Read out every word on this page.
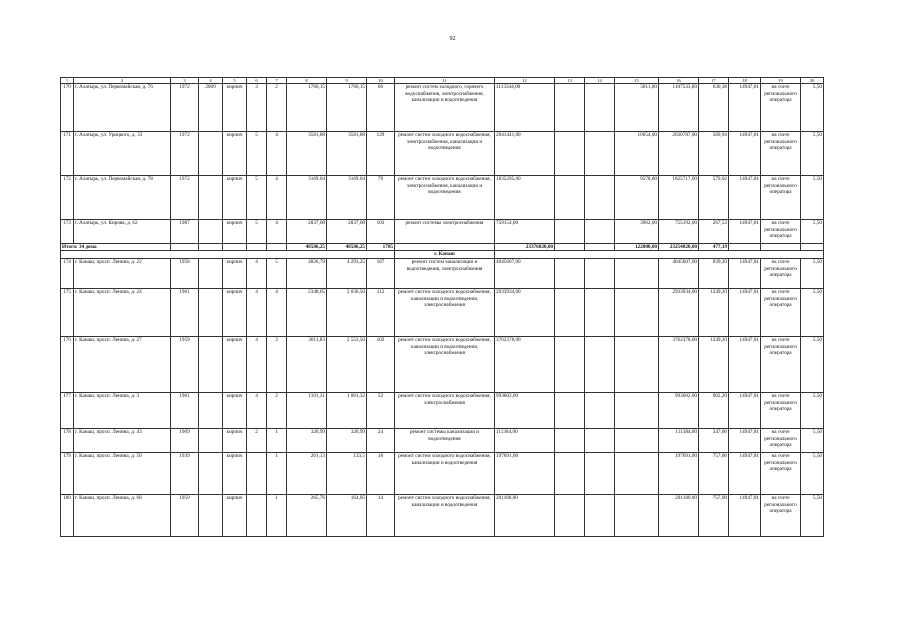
92
1	2	3	4	5	6	7	8	9	10	11	12	13	14	15	16	17	18	19	20
170	г. Алатырь, ул. Первомайская, д. 76	1972	2009	кирпич	3	2	1766,15	1766,15	60	ремонт систем холодного, горячего водоснабжения, электроснабжения, канализации и водоотведения	1113344,00			5811,00	1107533,00	630,38	14947,81	на счете регионального оператора	5,50
171	г. Алатырь, ул. Урицкого, д. 33	1972		кирпич	5	4	3581,88	3581,88	129	ремонт систем холодного водоснабжения, электроснабжения, канализации и водоотведения	2041441,00			10654,00	2030787,00	569,94	14947,81	на счете регионального оператора	5,50
172	г. Алатырь, ул. Первомайская, д. 78	1972		кирпич	5	4	3169,64	3169,64	79	ремонт систем холодного водоснабжения, электроснабжения, канализации и водоотведения	1835295,00			9578,00	1825717,00	579,02	14947,81	на счете регионального оператора	5,50
173	г. Алатырь, ул. Кирова, д. 62	1987		кирпич	5	4	2837,68	2837,68	103	ремонт системы электроснабжения	759154,00			3962,00	755192,00	267,53	14947,81	на счете регионального оператора	5,50
Итого: 34 дома							48586,25	48586,25	1785		23376020,00			122000,00	23254020,00	477,19			
										г. Канаш									
174	г. Канаш, просп. Ленина, д. 22	1958		кирпич	4	5	4826,79	4 293,25	167	ремонт систем канализации и водоотведения, электроснабжения	4045607,00				4045607,00	839,20	14947,81	на счете регионального оператора	5,50
175	г. Канаш, просп. Ленина, д. 24	1961		кирпич	4	4	2348,65	2 036,50	112	ремонт систем холодного водоснабжения, канализации и водоотведения, электроснабжения	2933934,00				2933934,00	1249,20	14947,81	на счете регионального оператора	5,50
176	г. Канаш, просп. Ленина, д. 27	1959		кирпич	4	3	3011,83	2 553,50	102	ремонт систем холодного водоснабжения, канализации и водоотведения, электроснабжения	3762378,00				3762378,00	1249,20	14947,81	на счете регионального оператора	5,50
177	г. Канаш, просп. Ленина, д. 3	1961		кирпич	4	2	1101,31	1 061,32	52	ремонт систем холодного водоснабжения, электроснабжения	993602,00				993602,00	902,20	14947,81	на счете регионального оператора	5,50
178	г. Канаш, просп. Ленина, д. 43	1969		кирпич	2	1	320,99	320,99	24	ремонт системы канализации и водоотведения	111384,00				111384,00	347,00	14947,81	на счете регионального оператора	5,50
179	г. Канаш, просп. Ленина, д. 50	1939		кирпич		1	261,13	133,5	18	ремонт систем холодного водоснабжения, канализации и водоотведения	197691,00				197691,00	757,00	14947,81	на счете регионального оператора	5,50
180	г. Канаш, просп. Ленина, д. 68	1959		кирпич		1	265,76	164,05	14	ремонт систем холодного водоснабжения, канализации и водоотведения	201180,00				201180,00	757,00	14947,81	на счете регионального оператора	5,50
